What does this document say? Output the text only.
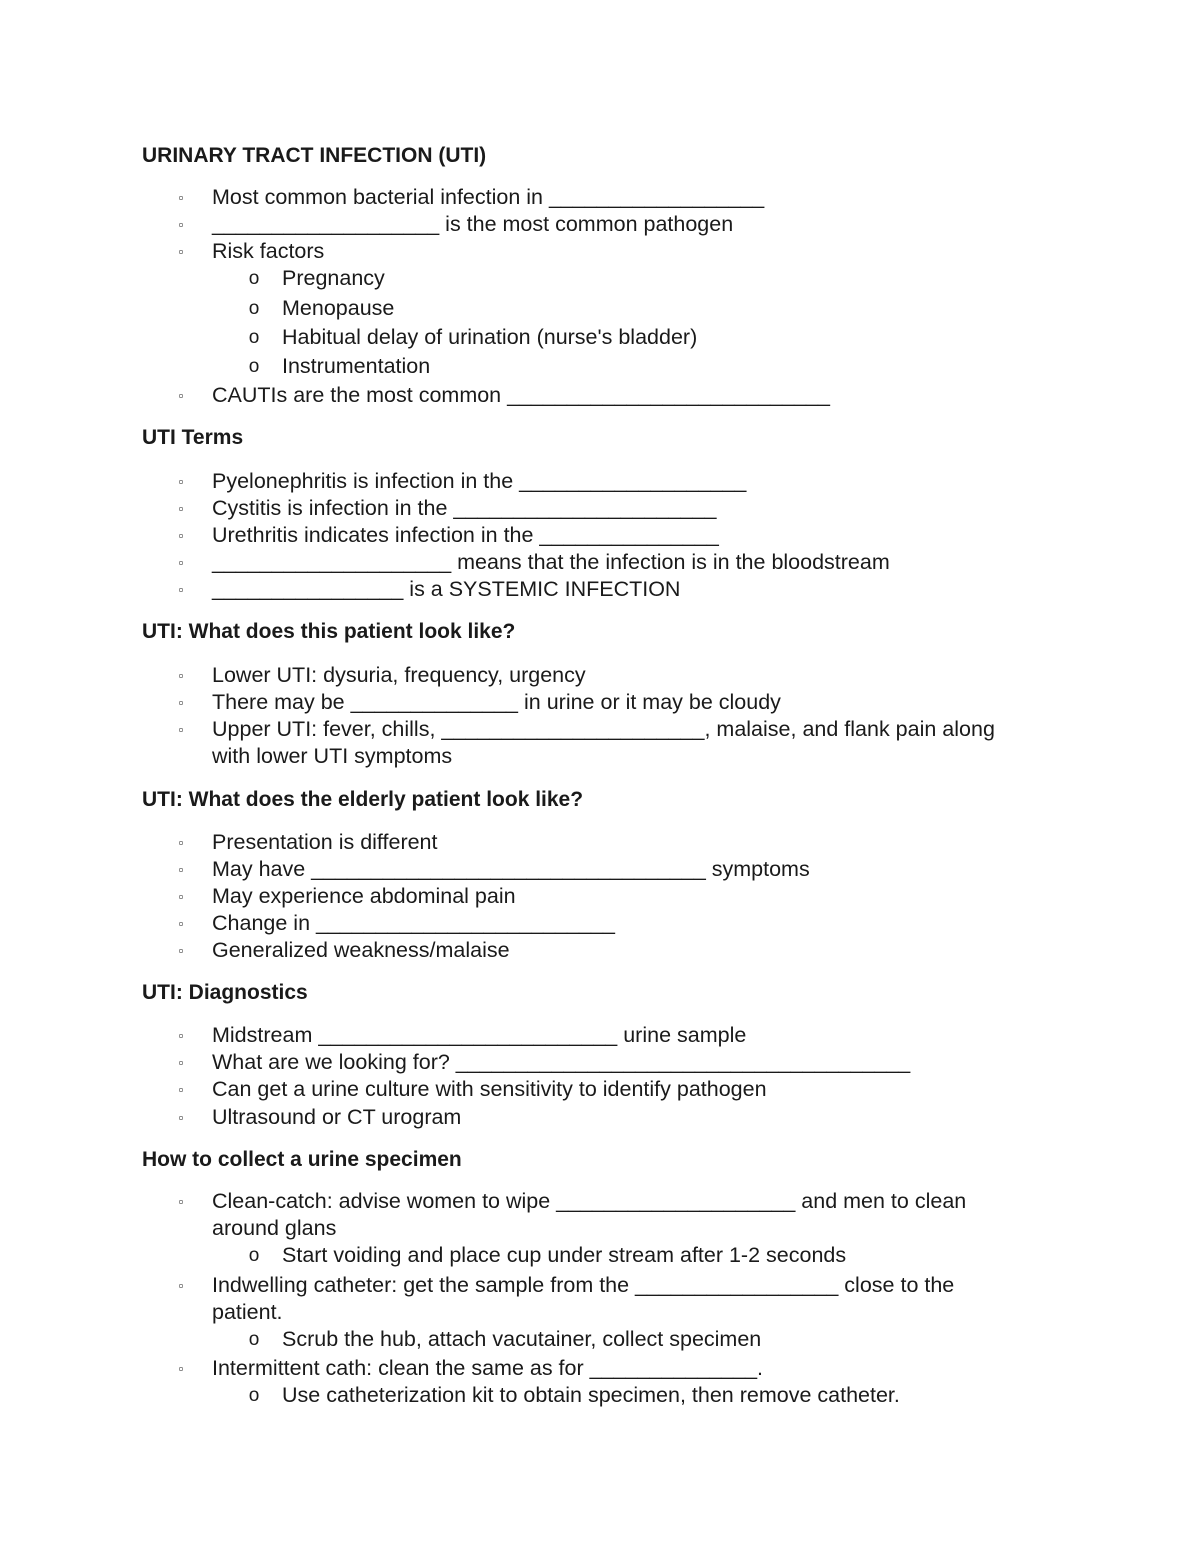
URINARY TRACT INFECTION (UTI)
▫ Most common bacterial infection in __________________

▫ ___________________ is the most common pathogen

▫ Risk factors

o Pregnancy

o Menopause

o Habitual delay of urination (nurse's bladder)

o Instrumentation

▫ CAUTIs are the most common ___________________________

UTI Terms
▫ Pyelonephritis is infection in the ___________________

▫ Cystitis is infection in the ______________________

▫ Urethritis indicates infection in the _______________

▫ ____________________ means that the infection is in the bloodstream

▫ ________________ is a SYSTEMIC INFECTION

UTI: What does this patient look like?
▫ Lower UTI: dysuria, frequency, urgency

▫ There may be ______________ in urine or it may be cloudy

▫ Upper UTI: fever, chills, ______________________, malaise, and flank pain along

with lower UTI symptoms

UTI: What does the elderly patient look like?
▫ Presentation is different

▫ May have _________________________________ symptoms

▫ May experience abdominal pain

▫ Change in _________________________

▫ Generalized weakness/malaise

UTI: Diagnostics
▫ Midstream _________________________ urine sample

▫ What are we looking for? ______________________________________

▫ Can get a urine culture with sensitivity to identify pathogen

▫ Ultrasound or CT urogram

How to collect a urine specimen
▫ Clean-catch: advise women to wipe ____________________ and men to clean

around glans

o Start voiding and place cup under stream after 1-2 seconds

▫ Indwelling catheter: get the sample from the _________________ close to the

patient.

o Scrub the hub, attach vacutainer, collect specimen

▫ Intermittent cath: clean the same as for ______________.

o Use catheterization kit to obtain specimen, then remove catheter.
